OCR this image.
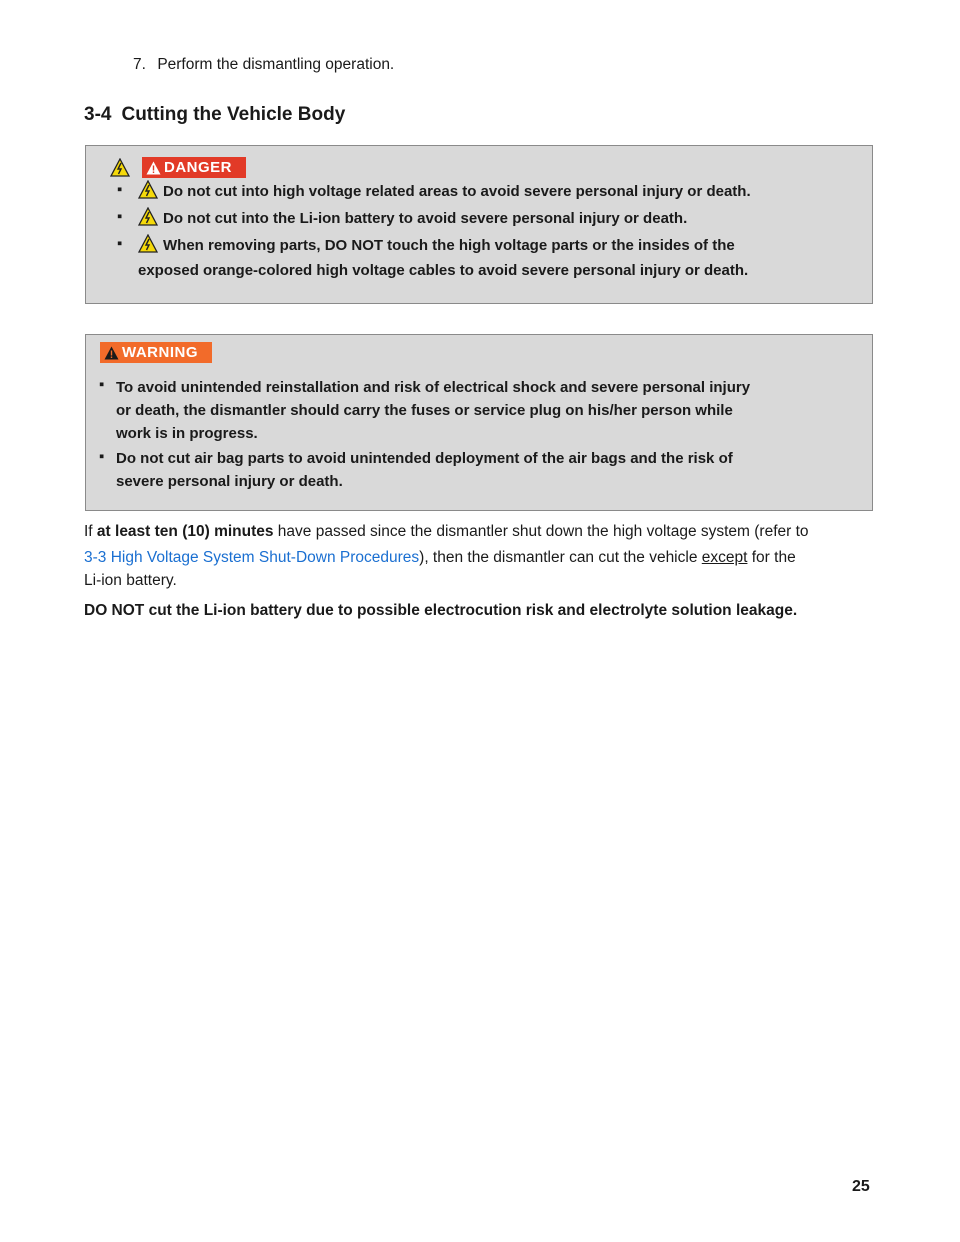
7. Perform the dismantling operation.
3-4 Cutting the Vehicle Body
DANGER
▪	Do not cut into high voltage related areas to avoid severe personal injury or death.
▪	Do not cut into the Li-ion battery to avoid severe personal injury or death.
▪	When removing parts, DO NOT touch the high voltage parts or the insides of the
exposed orange-colored high voltage cables to avoid severe personal injury or death.
WARNING
▪ To avoid unintended reinstallation and risk of electrical shock and severe personal injury
or death, the dismantler should carry the fuses or service plug on his/her person while
work is in progress.
▪ Do not cut air bag parts to avoid unintended deployment of the air bags and the risk of
severe personal injury or death.
If at least ten (10) minutes have passed since the dismantler shut down the high voltage system (refer to
3-3 High Voltage System Shut-Down Procedures), then the dismantler can cut the vehicle except for the
Li-ion battery.
DO NOT cut the Li-ion battery due to possible electrocution risk and electrolyte solution leakage.
25
